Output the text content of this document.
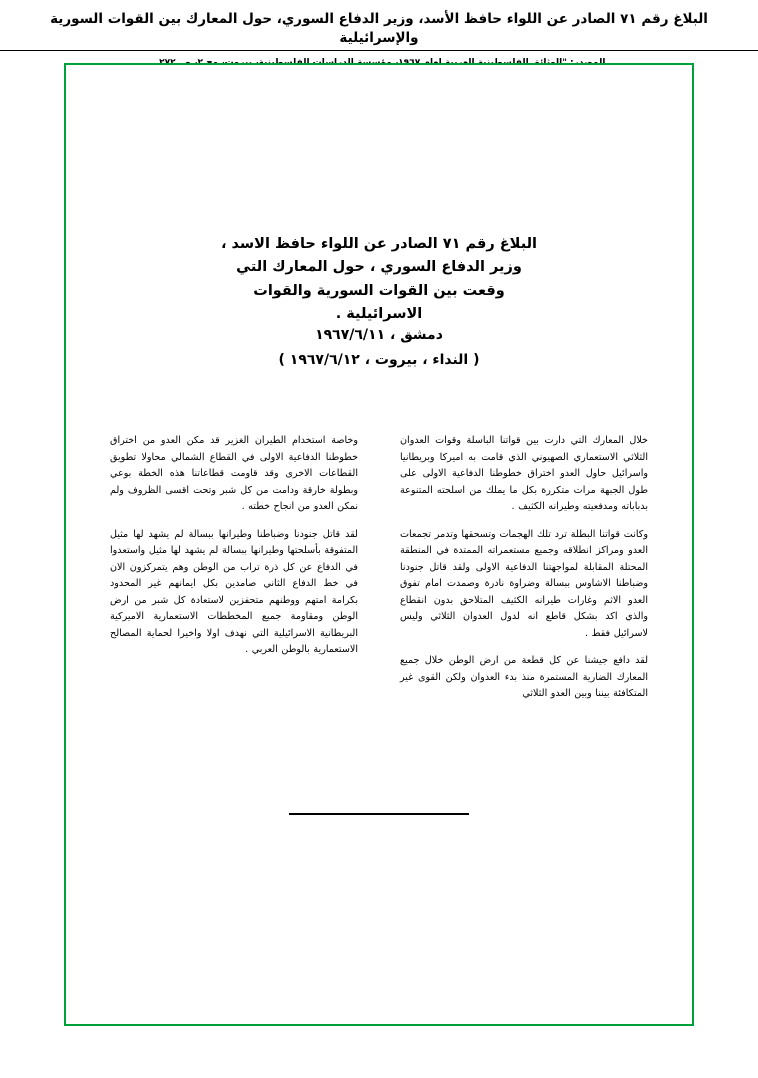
البلاغ رقم ٧١ الصادر عن اللواء حافظ الأسد، وزير الدفاع السوري، حول المعارك بين القوات السورية والإسرائيلية
البلاغ رقم ٧١ الصادر عن اللواء حافظ الاسد ،
وزير الدفاع السوري ، حول المعارك التي
وقعت بين القوات السورية والقوات
الاسرائيلية .
دمشق ، ١٩٦٧/٦/١١
( النداء ، بيروت ، ١٩٦٧/٦/١٢ )

خلال المعارك التي دارت بين قواتنا الباسلة وقوات العدوان الثلاثي الاستعماري الصهيوني الذي قامت به اميركا وبريطانيا واسرائيل حاول العدو اختراق خطوطنا الدفاعية الاولى على طول الجبهة مرات متكررة بكل ما يملك من اسلحته المتنوعة بدباباته ومدفعيته وطيرانه الكثيف .

وكانت قواتنا البطلة ترد تلك الهجمات وتسحقها وتدمر تجمعات العدو ومراكز انطلاقه وجميع مستعمراته الممتدة في المنطقة المحتلة المقابلة لمواجهتنا الدفاعية الاولى ولقد قاتل جنودنا وضباطنا الاشاوس ببسالة وضراوة نادرة وصمدت امام تفوق العدو الاثم وغارات طيرانه الكثيف المتلاحق بدون انقطاع والذي اكد بشكل قاطع انه لدول العدوان الثلاثي وليس لاسرائيل فقط .

لقد دافع جيشنا عن كل قطعة من ارض الوطن خلال جميع المعارك الضارية المستمرة منذ بدء العدوان ولكن القوى غير المتكافئة بيننا وبين العدو الثلاثي

وخاصة استخدام الطيران الغزير قد مكن العدو من اختراق خطوطنا الدفاعية الاولى في القطاع الشمالي محاولا تطويق القطاعات الاخرى وقد قاومت قطاعاتنا هذه الخطة بوعي وبطولة خارقة ودامت من كل شبر وتحت اقسى الظروف ولم نمكن العدو من انجاح خطته .

لقد قاتل جنودنا وضباطنا وطيرانها ببسالة لم يشهد لها مثيل المتفوقة بأسلحتها وطيرانها ببسالة لم يشهد لها مثيل واستعدوا في الدفاع عن كل ذرة تراب من الوطن وهم يتمركزون الان في خط الدفاع الثاني صامدين بكل ايمانهم غير المحدود بكرامة امتهم ووطنهم متحفزين لاستعادة كل شبر من ارض الوطن ومقاومة جميع المخططات الاستعمارية الاميركية البريطانية الاسرائيلية التي نهدف اولا واخيرا لحماية المصالح الاستعمارية بالوطن العربي .
